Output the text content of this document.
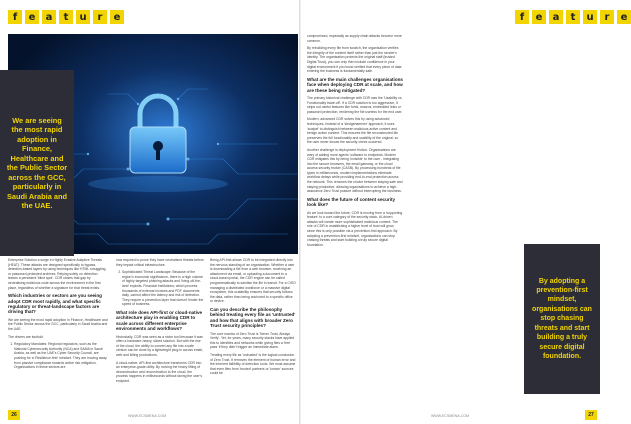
f	e	a	t	u	r	e
We are seeing the most rapid adoption in Finance, Healthcare and the Public Sector across the GCC, particularly in Saudi Arabia and the UAE.

Enterprise Solution a surge in Highly Evasive Adaptive Threats (HEAT). These attacks are designed specifically to bypass detection-based layers by using techniques like HTML smuggling or password-protected archives. Relying solely on detection leaves a persistent 'blind spot'. CDR closes that gap by neutralising malicious code across the environment in the first place, regardless of whether a signature for that threat exists.

Which industries or sectors are you seeing adopt CDR most rapidly, and what specific regulatory or threat-landscape factors are driving that?

We are seeing the most rapid adoption in Finance, Healthcare and the Public Sector across the GCC, particularly in Saudi Arabia and the UAE.

The drivers are twofold:

1. Regulatory Mandates: Regional regulators, such as the National Cybersecurity Authority (NCA) and SAMA in Saudi Arabia, as well as the UAE's Cyber Security Council, are pushing for a 'Resilience-first' mindset. They are moving away from passive compliance towards active risk mitigation. Organisations in these sectors are

now required to prove they have neutralised threats before they impact critical infrastructure.

2. Sophisticated Threat Landscape: Because of the region's economic significance, there is a high volume of highly targeted phishing attacks and 'living-off-the-land' exploits. Financial institutions, which process thousands of external invoices and PDF documents daily, cannot afford the latency and risk of detection. They require a prevention layer that doesn't hinder the speed of business.
What role does API-first or cloud-native architecture play in enabling CDR to scale across different enterprise environments and workflows?

Historically, CDR was seen as a niche tool because it was often a hardware-heavy, siloed solution. But with the rise of the cloud, the ability to convert any file into a safe version can be done by a lightweight plug-in across email, web and killing productions.

A cloud-native, API-first architecture transforms CDR into an enterprise-grade utility. By moving the heavy lifting of deconstruction and reconstruction to the cloud, the process happens in milliseconds without taxing the user's endpoint.

Being API-first allows CDR to be integrated directly into the nervous standing of an organisation. Whether a user is downloading a file from a web browser, receiving an attachment via email, or uploading a document to a cloud-based portal, the CDR engine can be called programmatically to sanitise the file in transit. For a CISO managing a distributed workforce or a massive digital ecosystem, this scalability ensures that security follows the data, rather than being anchored to a specific office or device.

Can you describe the philosophy behind treating every file as 'untrusted' and how that aligns with broader Zero Trust security principles?

The core mantra of Zero Trust is 'Never Trust, Always Verify'. Yet, for years, many security stacks have applied this to identities and networks while giving files a 'free pass' if they didn't trigger an immediate alarm.

Treating every file as 'untrusted' is the logical conclusion of Zero Trust. It removes the element of human error and the inherent fallibility of detection tools. We must assume that even files from 'trusted' partners or 'known' sources could be

26	WWW.ECSMENA.COM
f	e	a	t	u	r	e

compromised, especially as supply chain attacks become more common.

By rebuilding every file from scratch, the organisation verifies the integrity of the content itself rather than just the sender's identity. The organisation protects the original staff (trusted Digital Trust), you can only then include confidence in your digital environment if you know verified that every piece of data entering the business is fundamentally safe.

What are the main challenges organisations face when deploying CDR at scale, and how are these being mitigated?

The primary historical challenge with CDR was the 'Usability vs. Functionality trade-off'. If a CDR solution is too aggressive, it strips out useful features like fonts, macros, embedded links or password protection, rendering the file useless for the end user.

Modern, advanced CDR solves this by using advanced techniques. Instead of a 'sledgehammer' approach, it uses 'scalpel' to distinguish between malicious active content and benign active content. This ensures the file reconstructed file preserves the full functionality and usability of the original, so the user never knows the security check occurred.

Another challenge is deployment friction. Organisations are wary of adding more agents' software to endpoints. Modern CDR mitigates this by being 'invisible' to the user - integrating into the secure browsers, the email gateway, or the cloud access security broker (CASB). By processing hundreds of file types in milliseconds, modern implementations eliminate workflow delays while providing end-to-end protection across the network. This removes the choice between staying safe and staying productive, allowing organisations to achieve a high-assurance Zero Trust posture without interrupting the business.

What does the future of content security look like?

As we look toward the future, CDR is moving from a 'supporting feature' to a core category of the security stack. AI-driven attacks will create more sophisticated malicious content. The role of CDR in establishing a higher level of trust will grow, since this is only possible via a prevention-first approach. By adopting a prevention-first mindset, organisations can stop chasing threats and start building a truly secure digital foundation.

27
WWW.ECSMENA.COM
By adopting a prevention-first mindset, organisations can stop chasing threats and start building a truly secure digital foundation.
